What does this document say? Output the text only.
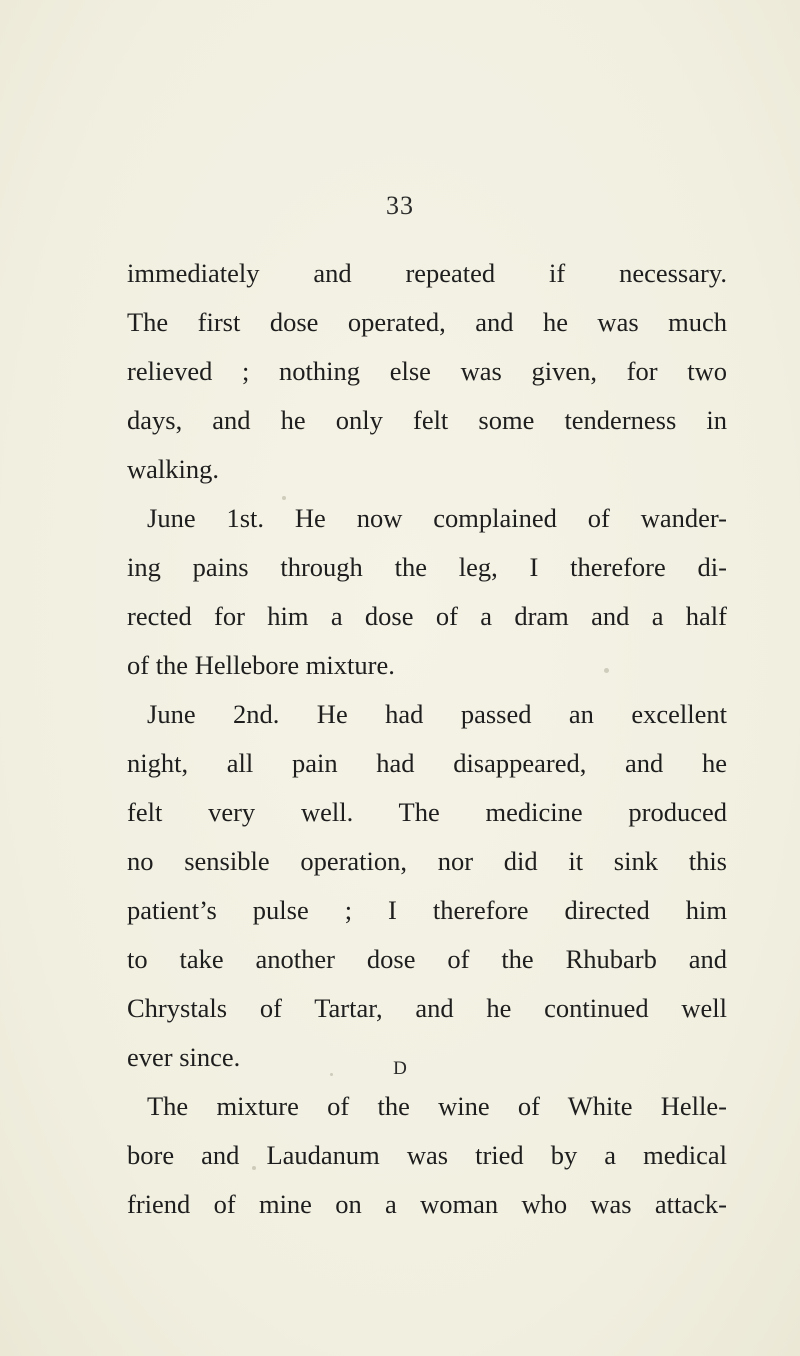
33
immediately and repeated if necessary.
The first dose operated, and he was much
relieved ; nothing else was given, for two
days, and he only felt some tenderness in
walking.
June 1st. He now complained of wander-
ing pains through the leg, I therefore di-
rected for him a dose of a dram and a half
of the Hellebore mixture.
June 2nd. He had passed an excellent
night, all pain had disappeared, and he
felt very well. The medicine produced
no sensible operation, nor did it sink this
patient’s pulse ; I therefore directed him
to take another dose of the Rhubarb and
Chrystals of Tartar, and he continued well
ever since.
The mixture of the wine of White Helle-
bore and Laudanum was tried by a medical
friend of mine on a woman who was attack-
D
